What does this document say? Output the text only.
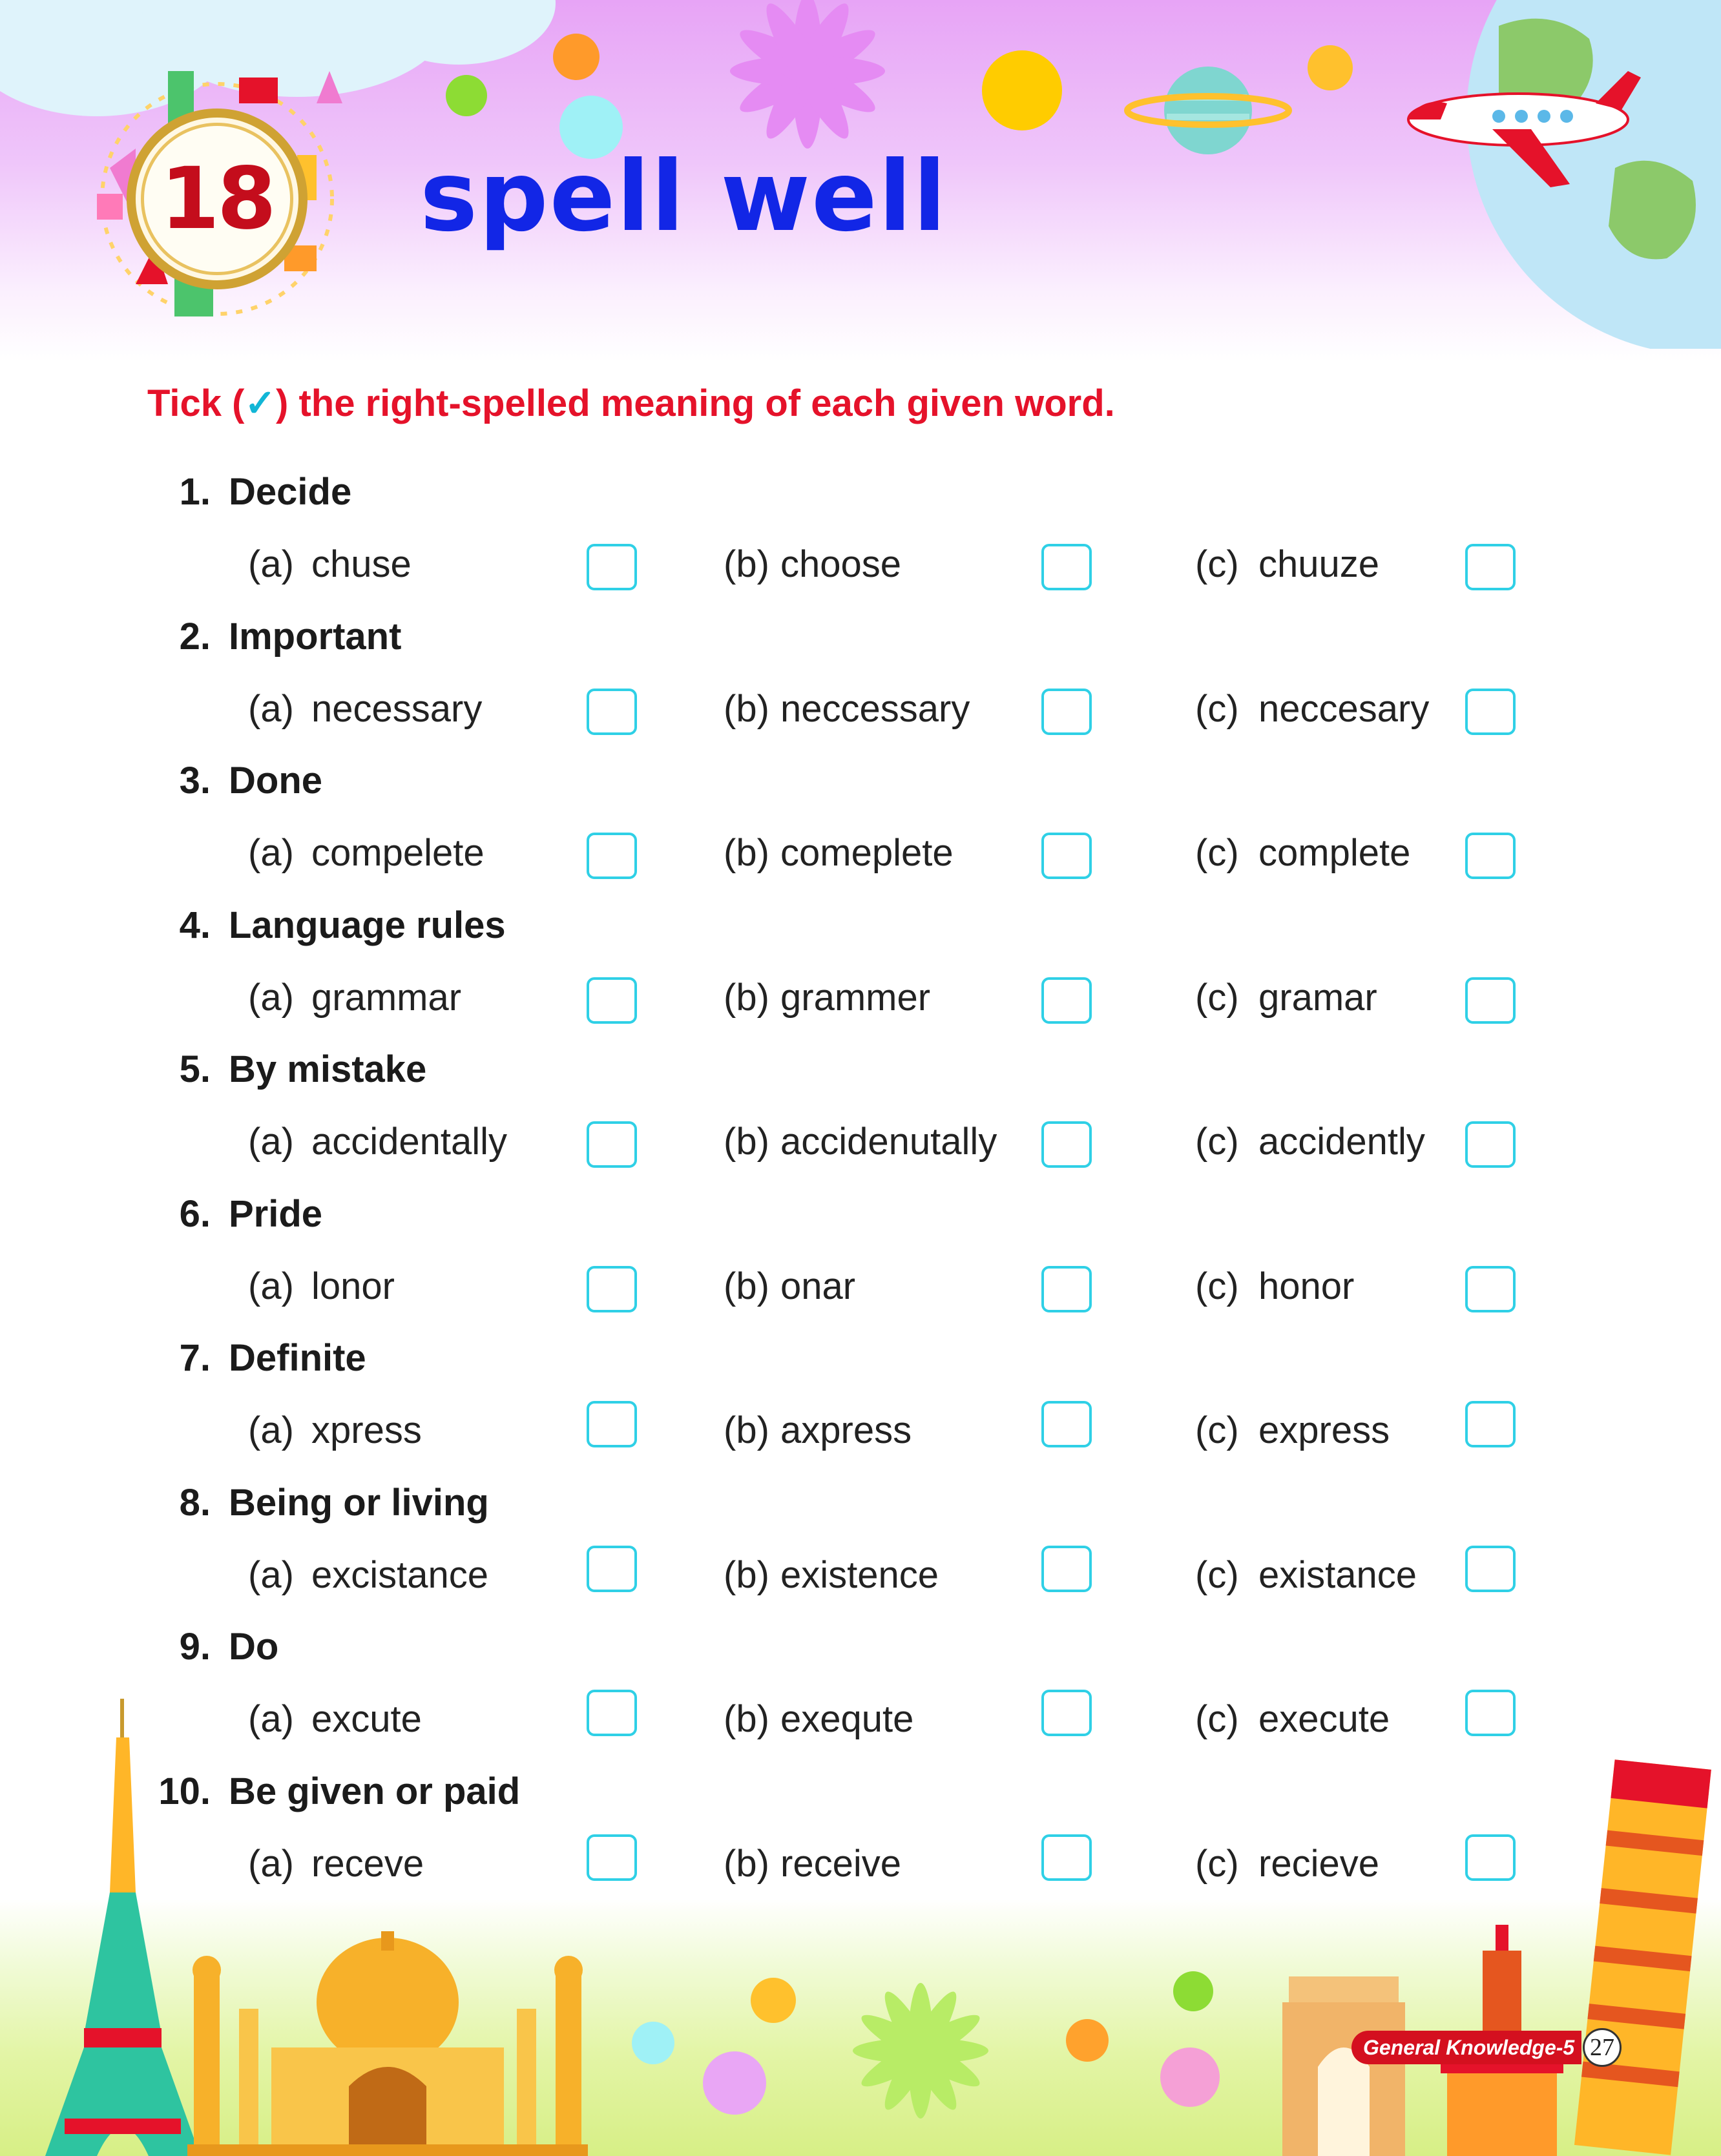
18 spell well
Tick (✓) the right-spelled meaning of each given word.
1. Decide
(a) chuse	(b) choose	(c) chuuze
2. Important
(a) necessary	(b) neccessary	(c) neccesary
3. Done
(a) compelete	(b) comeplete	(c) complete
4. Language rules
(a) grammar	(b) grammer	(c) gramar
5. By mistake
(a) accidentally	(b) accidenutally	(c) accidently
6. Pride
(a) lonor	(b) onar	(c) honor
7. Definite
(a) xpress	(b) axpress	(c) express
8. Being or living
(a) excistance	(b) existence	(c) existance
9. Do
(a) excute	(b) exequte	(c) execute
10. Be given or paid
(a) receve	(b) receive	(c) recieve
General Knowledge-5 27
